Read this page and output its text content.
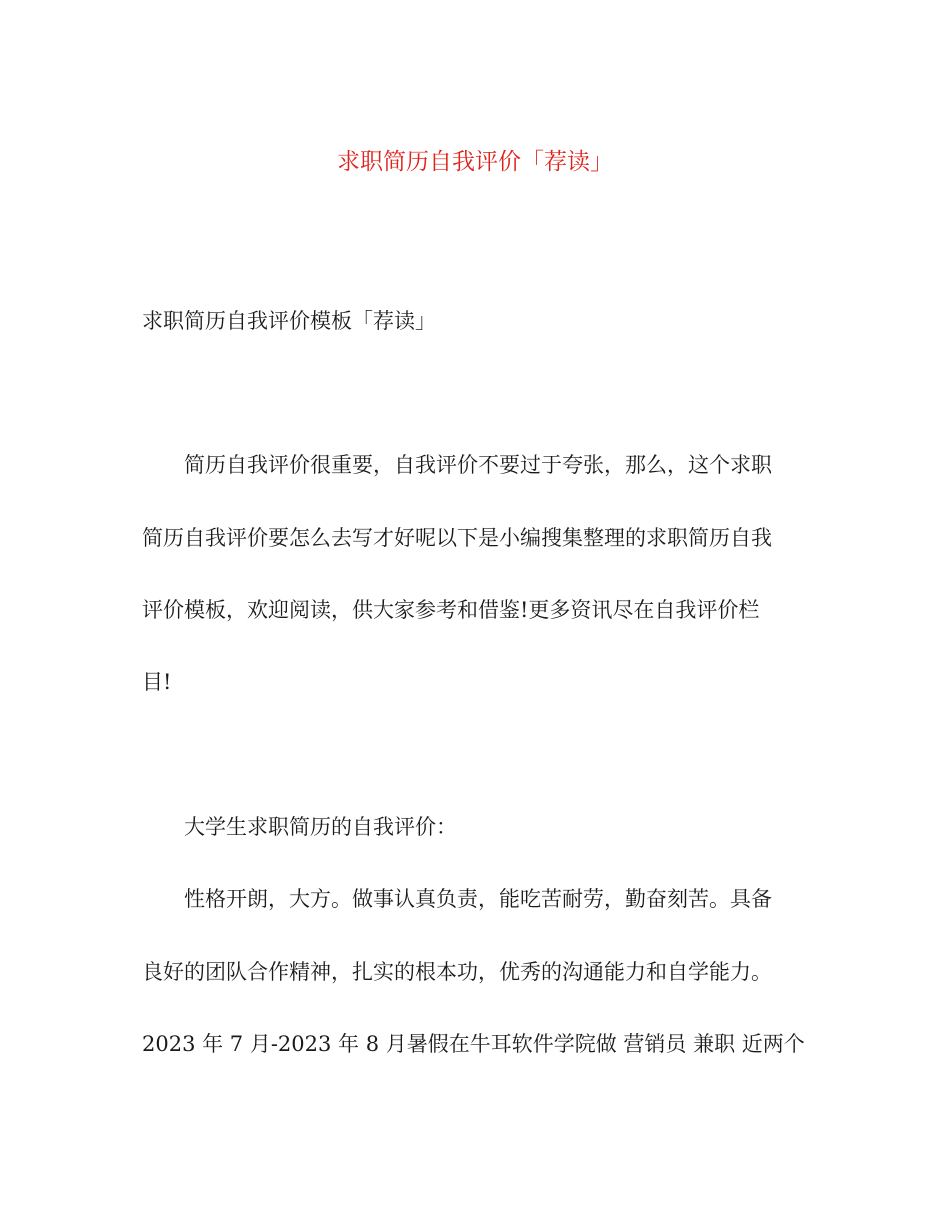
求职简历自我评价「荐读」
求职简历自我评价模板「荐读」
简历自我评价很重要，自我评价不要过于夸张，那么，这个求职
简历自我评价要怎么去写才好呢以下是小编搜集整理的求职简历自我
评价模板，欢迎阅读，供大家参考和借鉴!更多资讯尽在自我评价栏
目!
大学生求职简历的自我评价：
性格开朗，大方。做事认真负责，能吃苦耐劳，勤奋刻苦。具备
良好的团队合作精神，扎实的根本功，优秀的沟通能力和自学能力。
2023 年 7 月-2023 年 8 月暑假在牛耳软件学院做 营销员 兼职 近两个
